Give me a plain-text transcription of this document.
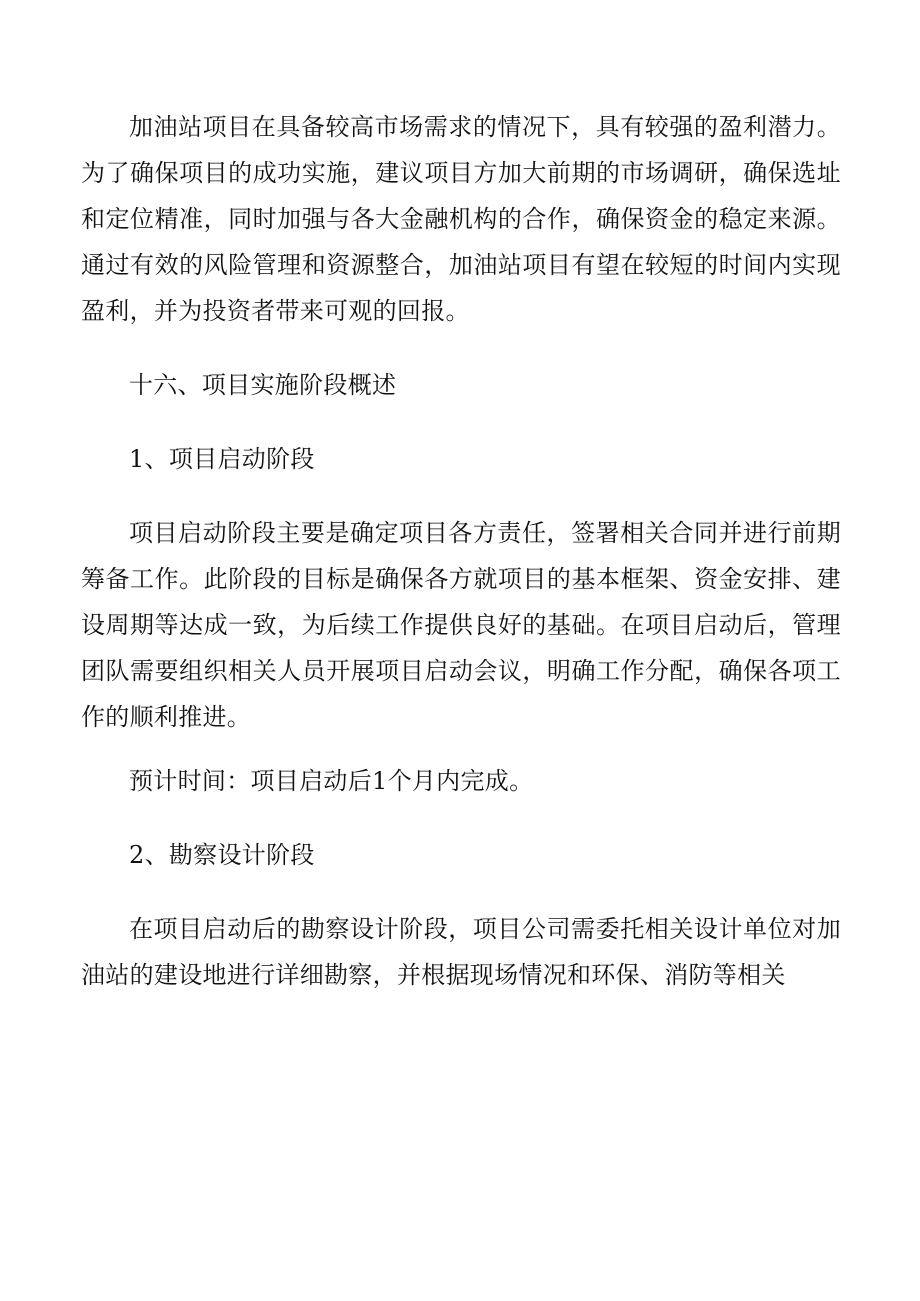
加油站项目在具备较高市场需求的情况下，具有较强的盈利潜力。为了确保项目的成功实施，建议项目方加大前期的市场调研，确保选址和定位精准，同时加强与各大金融机构的合作，确保资金的稳定来源。通过有效的风险管理和资源整合，加油站项目有望在较短的时间内实现盈利，并为投资者带来可观的回报。

十六、项目实施阶段概述

1、项目启动阶段

项目启动阶段主要是确定项目各方责任，签署相关合同并进行前期筹备工作。此阶段的目标是确保各方就项目的基本框架、资金安排、建设周期等达成一致，为后续工作提供良好的基础。在项目启动后，管理团队需要组织相关人员开展项目启动会议，明确工作分配，确保各项工作的顺利推进。

预计时间：项目启动后1个月内完成。

2、勘察设计阶段

在项目启动后的勘察设计阶段，项目公司需委托相关设计单位对加油站的建设地进行详细勘察，并根据现场情况和环保、消防等相关
